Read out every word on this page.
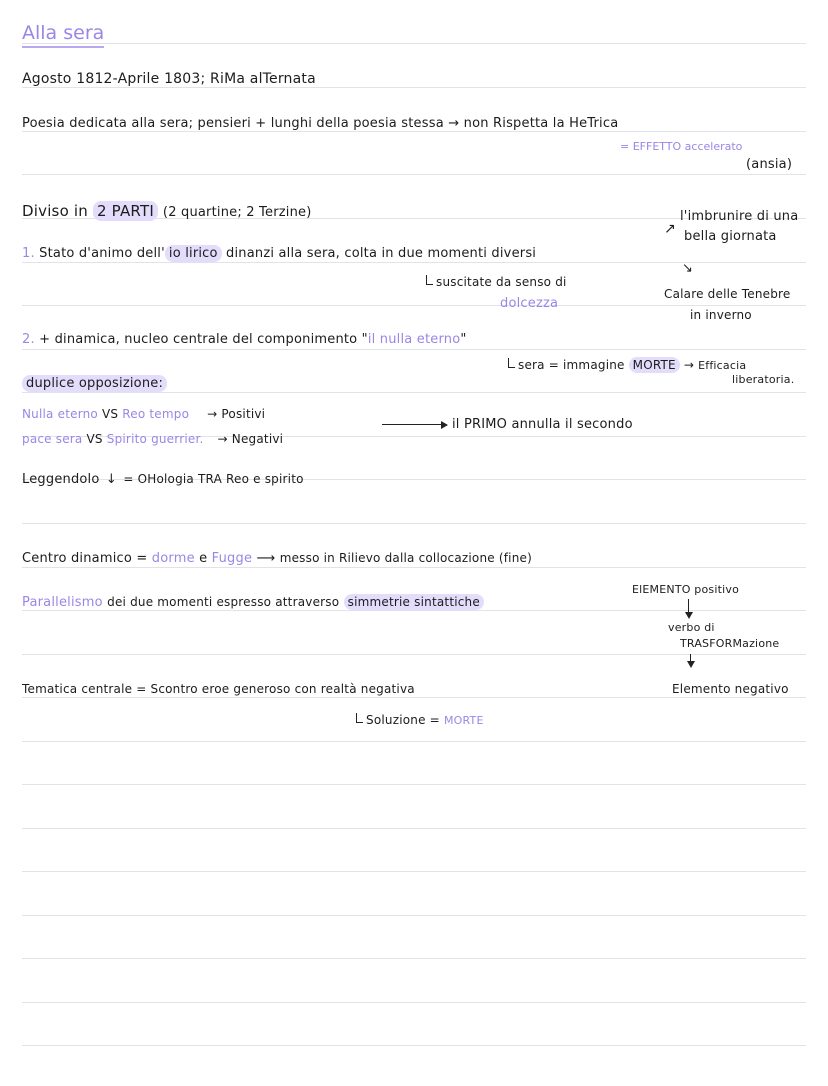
Alla sera
Agosto 1812-Aprile 1803; RiMa alTernata
Poesia dedicata alla sera; pensieri + lunghi della poesia stessa → non Rispetta la HeTrica
= EFFETTO accelerato
(ansia)
Diviso in 2 PARTI (2 quartine; 2 Terzine)
↗
l'imbrunire di una
bella giornata
1. Stato d'animo dell' io lirico dinanzi alla sera, colta in due momenti diversi
suscitate da senso di
dolcezza
↘
Calare delle Tenebre
in inverno
2. + dinamica, nucleo centrale del componimento "il nulla eterno"
sera = immagine MORTE → Efficacia
liberatoria.
duplice opposizione:
Nulla eterno VS Reo tempo → Positivi
pace sera VS Spirito guerrier. → Negativi
il PRIMO annulla il secondo
Leggendolo ↓ = OHologia TRA Reo e spirito
Centro dinamico = dorme e Fugge ⟶ messo in Rilievo dalla collocazione (fine)
ElEMENTO positivo
Parallelismo dei due momenti espresso attraverso simmetrie sintattiche
verbo di
TRASFORMazione
Elemento negativo
Tematica centrale = Scontro eroe generoso con realtà negativa
Soluzione = MORTE
